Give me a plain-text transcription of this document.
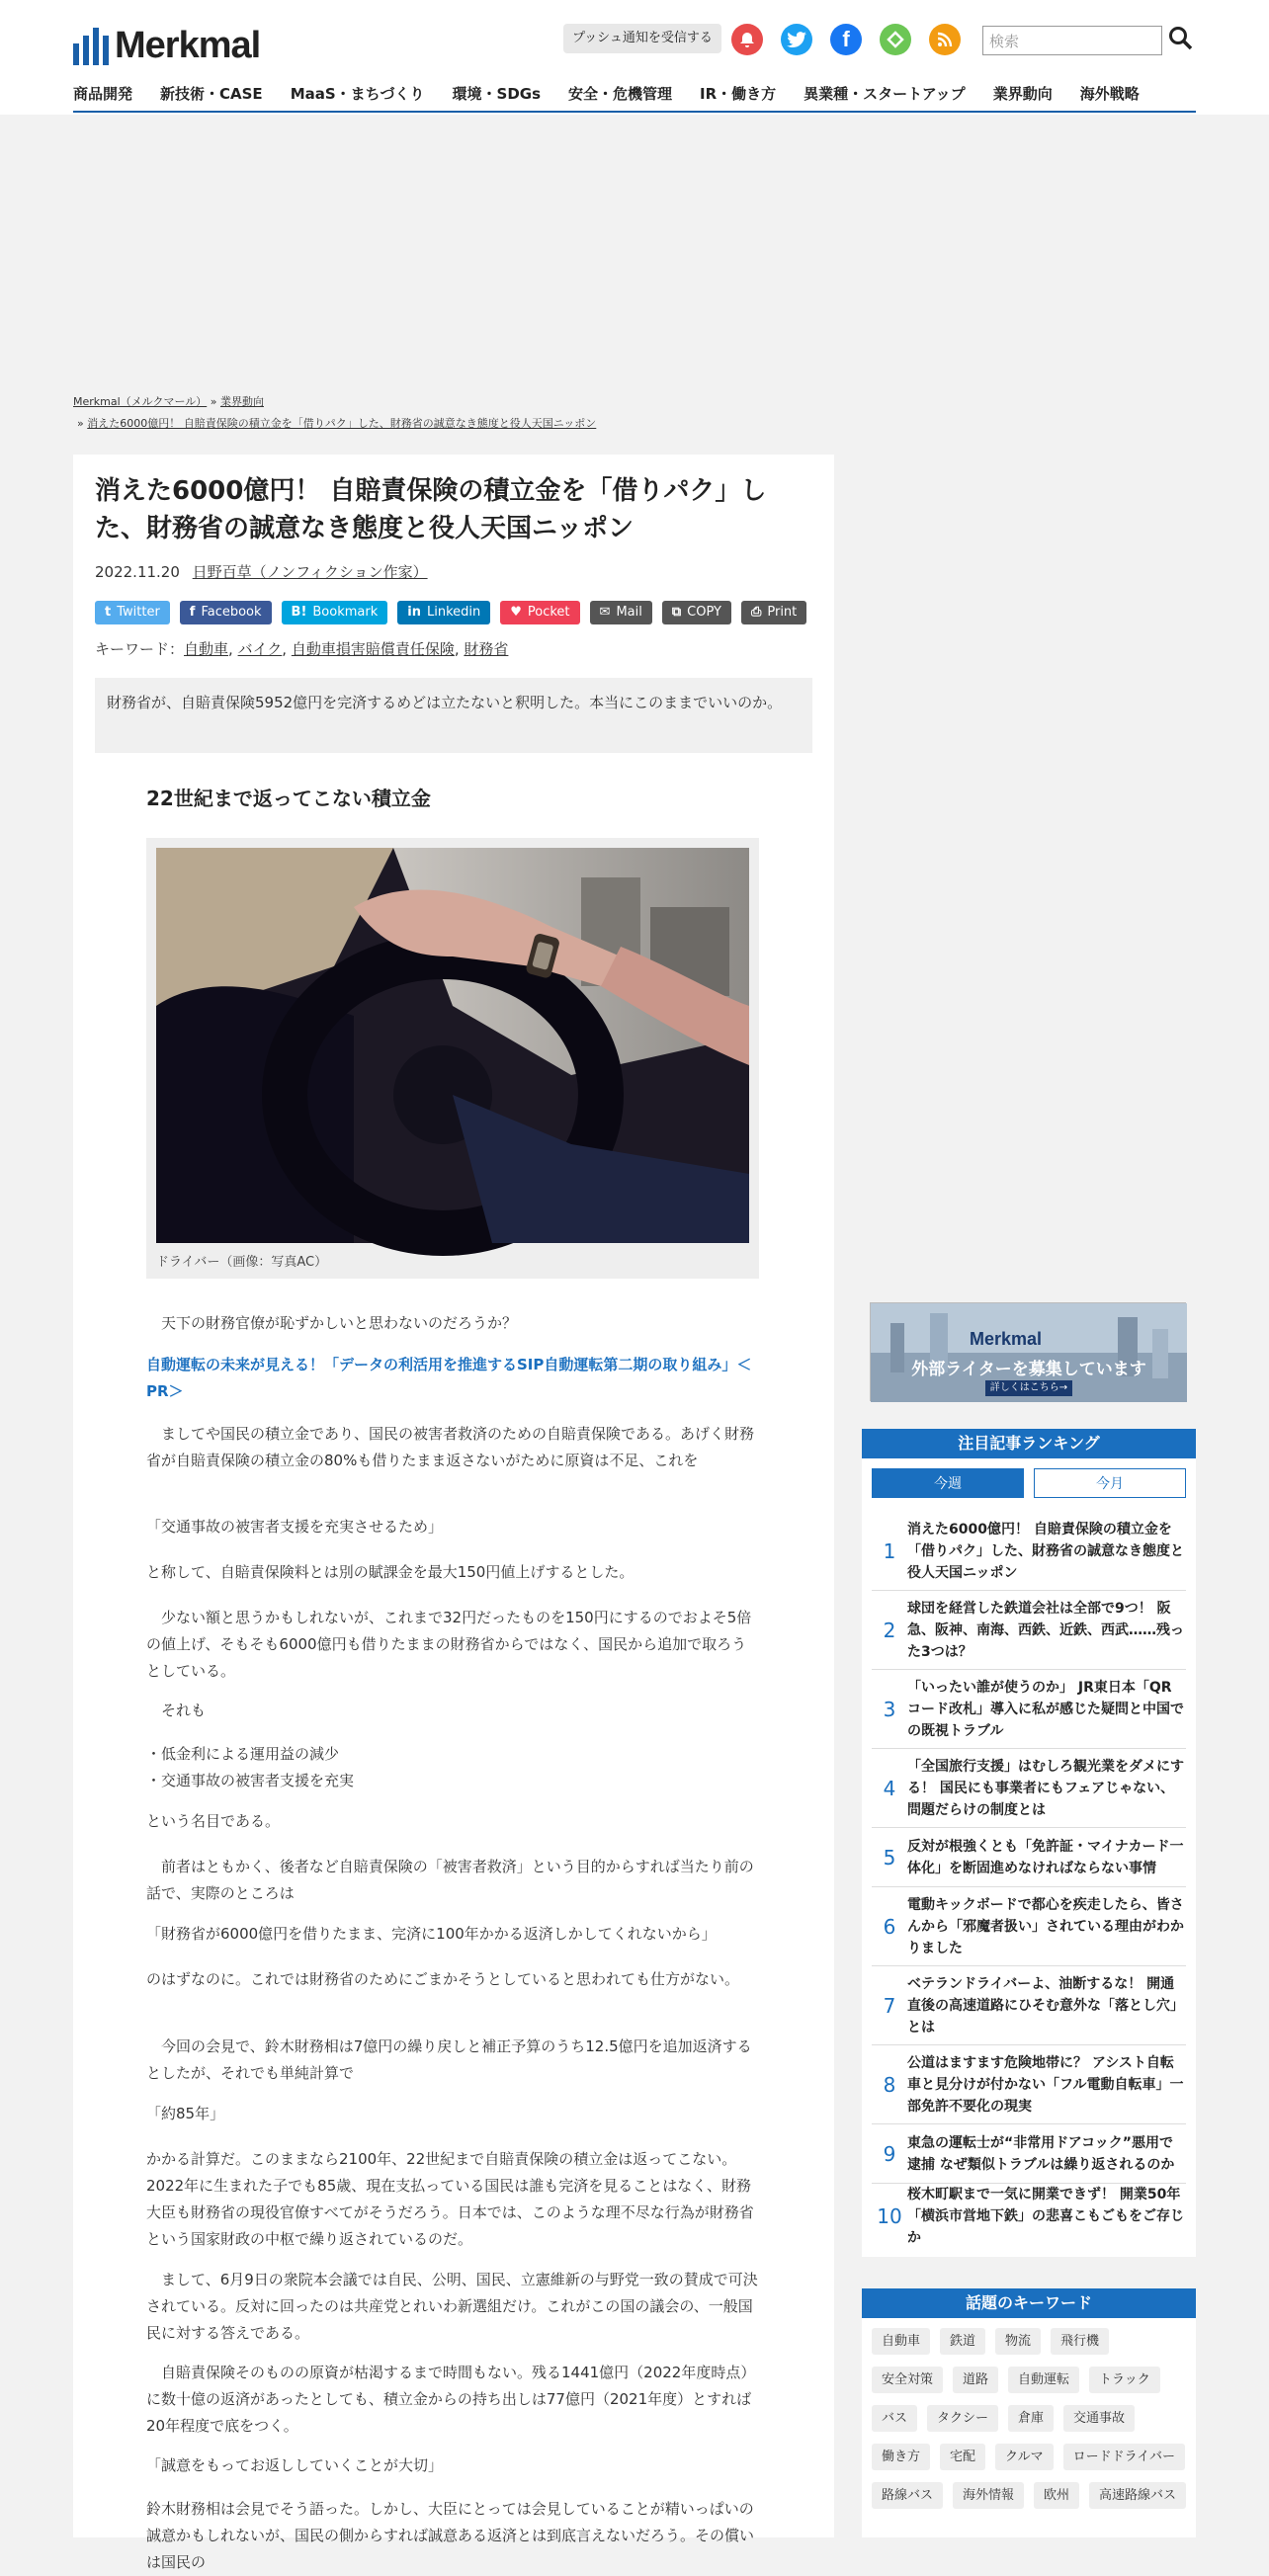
Merkmal	プッシュ通知を受信する	f	検索
商品開発 新技術・CASE MaaS・まちづくり 環境・SDGs 安全・危機管理 IR・働き方 異業種・スタートアップ 業界動向 海外戦略
Merkmal（メルクマール） » 業界動向
» 消えた6000億円！ 自賠責保険の積立金を「借りパク」した、財務省の誠意なき態度と役人天国ニッポン
消えた6000億円！ 自賠責保険の積立金を「借りパク」した、財務省の誠意なき態度と役人天国ニッポン
2022.11.20 日野百草（ノンフィクション作家）
t Twitter f Facebook B! Bookmark in Linkedin ♥ Pocket ✉ Mail ⧉ COPY ⎙ Print
キーワード：自動車, バイク, 自動車損害賠償責任保険, 財務省
財務省が、自賠責保険5952億円を完済するめどは立たないと釈明した。本当にこのままでいいのか。
22世紀まで返ってこない積立金
ドライバー（画像：写真AC）

　天下の財務官僚が恥ずかしいと思わないのだろうか？

自動運転の未来が見える！「データの利活用を推進するSIP自動運転第二期の取り組み」＜PR＞

　ましてや国民の積立金であり、国民の被害者救済のための自賠責保険である。あげく財務省が自賠責保険の積立金の80%も借りたまま返さないがために原資は不足、これを

「交通事故の被害者支援を充実させるため」

と称して、自賠責保険料とは別の賦課金を最大150円値上げするとした。

　少ない額と思うかもしれないが、これまで32円だったものを150円にするのでおよそ5倍の値上げ、そもそも6000億円も借りたままの財務省からではなく、国民から追加で取ろうとしている。

　それも

・低金利による運用益の減少
・交通事故の被害者支援を充実

という名目である。

　前者はともかく、後者など自賠責保険の「被害者救済」という目的からすれば当たり前の話で、実際のところは

「財務省が6000億円を借りたまま、完済に100年かかる返済しかしてくれないから」

のはずなのに。これでは財務省のためにごまかそうとしていると思われても仕方がない。

　今回の会見で、鈴木財務相は7億円の繰り戻しと補正予算のうち12.5億円を追加返済するとしたが、それでも単純計算で

「約85年」

かかる計算だ。このままなら2100年、22世紀まで自賠責保険の積立金は返ってこない。2022年に生まれた子でも85歳、現在支払っている国民は誰も完済を見ることはなく、財務大臣も財務省の現役官僚すべてがそうだろう。日本では、このような理不尽な行為が財務省という国家財政の中枢で繰り返されているのだ。

　まして、6月9日の衆院本会議では自民、公明、国民、立憲維新の与野党一致の賛成で可決されている。反対に回ったのは共産党とれいわ新選組だけ。これがこの国の議会の、一般国民に対する答えである。

　自賠責保険そのものの原資が枯渇するまで時間もない。残る1441億円（2022年度時点）に数十億の返済があったとしても、積立金からの持ち出しは77億円（2021年度）とすれば20年程度で底をつく。

「誠意をもってお返ししていくことが大切」

鈴木財務相は会見でそう語った。しかし、大臣にとっては会見していることが精いっぱいの誠意かもしれないが、国民の側からすれば誠意ある返済とは到底言えないだろう。その償いは国民の

Merkmal
外部ライターを募集しています
詳しくはこちら→
注目記事ランキング
今週	今月
1
消えた6000億円！ 自賠責保険の積立金を「借りパク」した、財務省の誠意なき態度と役人天国ニッポン
2
球団を経営した鉄道会社は全部で9つ！ 阪急、阪神、南海、西鉄、近鉄、西武……残った3つは？
3
「いったい誰が使うのか」 JR東日本「QRコード改札」導入に私が感じた疑問と中国での既視トラブル
4
「全国旅行支援」はむしろ観光業をダメにする！ 国民にも事業者にもフェアじゃない、問題だらけの制度とは
5 反対が根強くとも「免許証・マイナカード一体化」を断固進めなければならない事情
6
電動キックボードで都心を疾走したら、皆さんから「邪魔者扱い」されている理由がわかりました
7
ベテランドライバーよ、油断するな！ 開通直後の高速道路にひそむ意外な「落とし穴」とは
8
公道はますます危険地帯に？ アシスト自転車と見分けが付かない「フル電動自転車」一部免許不要化の現実
9 東急の運転士が“非常用ドアコック”悪用で逮捕 なぜ類似トラブルは繰り返されるのか
10
桜木町駅まで一気に開業できず！ 開業50年「横浜市営地下鉄」の悲喜こもごもをご存じか
話題のキーワード
自動車	鉄道	物流	飛行機
安全対策	道路	自動運転	トラック
バス	タクシー	倉庫	交通事故
働き方	宅配	クルマ	ロードドライバー
路線バス	海外情報	欧州	高速路線バス
